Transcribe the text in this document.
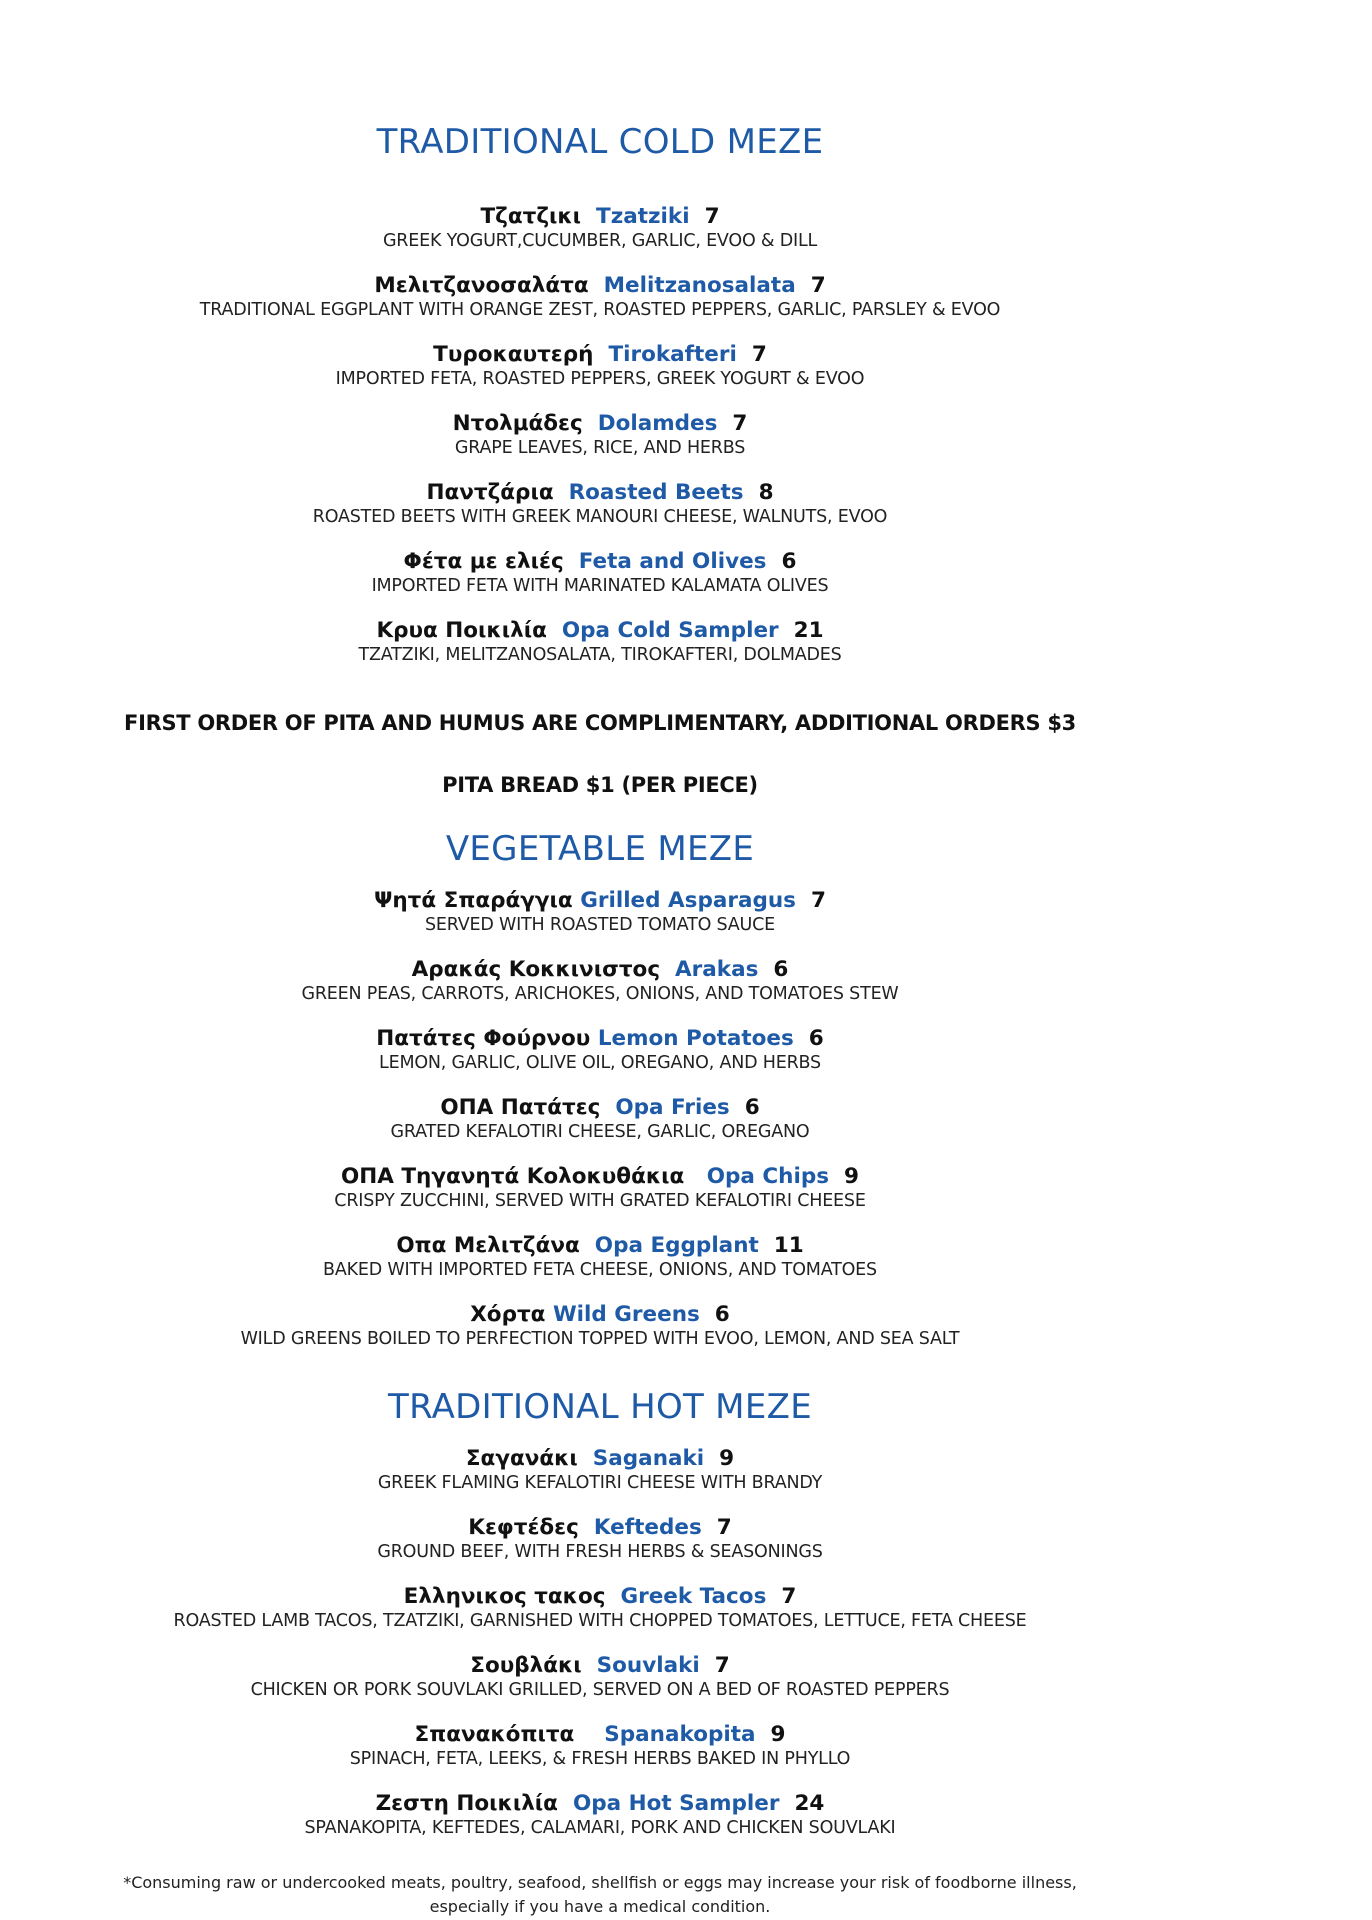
TRADITIONAL COLD MEZE
Τζατζικι Tzatziki 7
GREEK YOGURT,CUCUMBER, GARLIC, EVOO & DILL
Μελιτζανοσαλάτα Melitzanosalata 7
TRADITIONAL EGGPLANT WITH ORANGE ZEST, ROASTED PEPPERS, GARLIC, PARSLEY & EVOO
Τυροκαυτερή Tirokafteri 7
IMPORTED FETA, ROASTED PEPPERS, GREEK YOGURT & EVOO
Ντολμάδες Dolamdes 7
GRAPE LEAVES, RICE, AND HERBS
Παντζάρια Roasted Beets 8
ROASTED BEETS WITH GREEK MANOURI CHEESE, WALNUTS, EVOO
Φέτα με ελιές Feta and Olives 6
IMPORTED FETA WITH MARINATED KALAMATA OLIVES
Κρυα Ποικιλία Opa Cold Sampler 21
TZATZIKI, MELITZANOSALATA, TIROKAFTERI, DOLMADES
FIRST ORDER OF PITA AND HUMUS ARE COMPLIMENTARY, ADDITIONAL ORDERS $3
PITA BREAD $1 (PER PIECE)
VEGETABLE MEZE
Ψητά Σπαράγγια Grilled Asparagus 7
SERVED WITH ROASTED TOMATO SAUCE
Αρακάς Κοκκινιστος Arakas 6
GREEN PEAS, CARROTS, ARICHOKES, ONIONS, AND TOMATOES STEW
Πατάτες Φούρνου Lemon Potatoes 6
LEMON, GARLIC, OLIVE OIL, OREGANO, AND HERBS
ΟΠΑ Πατάτες Opa Fries 6
GRATED KEFALOTIRI CHEESE, GARLIC, OREGANO
ΟΠΑ Τηγανητά Κολοκυθάκια Opa Chips 9
CRISPY ZUCCHINI, SERVED WITH GRATED KEFALOTIRI CHEESE
Οπα Μελιτζάνα Opa Eggplant 11
BAKED WITH IMPORTED FETA CHEESE, ONIONS, AND TOMATOES
Χόρτα Wild Greens 6
WILD GREENS BOILED TO PERFECTION TOPPED WITH EVOO, LEMON, AND SEA SALT
TRADITIONAL HOT MEZE
Σαγανάκι Saganaki 9
GREEK FLAMING KEFALOTIRI CHEESE WITH BRANDY
Κεφτέδες Keftedes 7
GROUND BEEF, WITH FRESH HERBS & SEASONINGS
Ελληνικος τακος Greek Tacos 7
ROASTED LAMB TACOS, TZATZIKI, GARNISHED WITH CHOPPED TOMATOES, LETTUCE, FETA CHEESE
Σουβλάκι Souvlaki 7
CHICKEN OR PORK SOUVLAKI GRILLED, SERVED ON A BED OF ROASTED PEPPERS
Σπανακόπιτα Spanakopita 9
SPINACH, FETA, LEEKS, & FRESH HERBS BAKED IN PHYLLO
Ζεστη Ποικιλία Opa Hot Sampler 24
SPANAKOPITA, KEFTEDES, CALAMARI, PORK AND CHICKEN SOUVLAKI
*Consuming raw or undercooked meats, poultry, seafood, shellfish or eggs may increase your risk of foodborne illness,
especially if you have a medical condition.
